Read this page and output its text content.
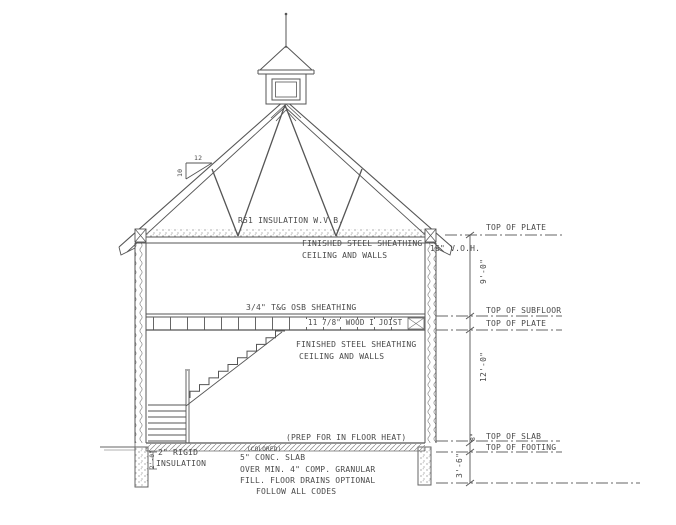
R51 INSULATION W.V.B.
FINISHED STEEL SHEATHING
CEILING AND WALLS
16" V.O.H.
3/4" T&G OSB SHEATHING
11 7/8" WOOD I JOIST
FINISHED STEEL SHEATHING
CEILING AND WALLS
(PREP FOR IN FLOOR HEAT)
2" RIGID
INSULATION
(COLORED)
5" CONC. SLAB
OVER MIN. 4" COMP. GRANULAR
FILL. FLOOR DRAINS OPTIONAL
FOLLOW ALL CODES
TOP OF PLATE
TOP OF SUBFLOOR
TOP OF PLATE
TOP OF SLAB
TOP OF FOOTING
9'-0"
12'-0"
3'-6"
8"
2'-0"
12
10
